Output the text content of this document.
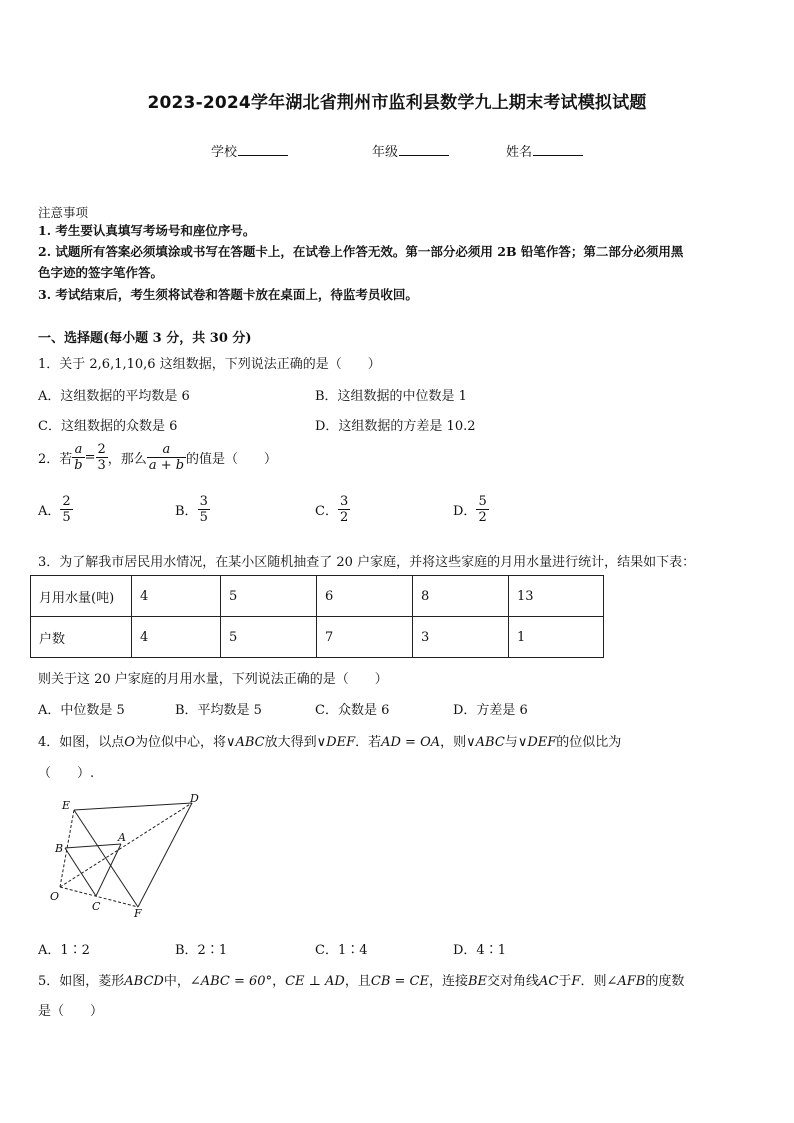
2023-2024学年湖北省荆州市监利县数学九上期末考试模拟试题
学校	年级	姓名
注意事项
1. 考生要认真填写考场号和座位序号。
2. 试题所有答案必须填涂或书写在答题卡上，在试卷上作答无效。第一部分必须用 2B 铅笔作答；第二部分必须用黑
色字迹的签字笔作答。
3. 考试结束后，考生须将试卷和答题卡放在桌面上，待监考员收回。
一、选择题(每小题 3 分，共 30 分)
1．关于 2,6,1,10,6 这组数据，下列说法正确的是（　　）
A．这组数据的平均数是 6	B．这组数据的中位数是 1
C．这组数据的众数是 6	D．这组数据的方差是 10.2
2．若 $\frac{a}{b} = \frac{2}{3}$ ，那么 $\frac{a}{a + b}$ 的值是（　　）
A． $\frac{2}{5}$	B． $\frac{3}{5}$	C． $\frac{3}{2}$	D． $\frac{5}{2}$
3．为了解我市居民用水情况，在某小区随机抽查了 20 户家庭，并将这些家庭的月用水量进行统计，结果如下表：
月用水量(吨)	4	5	6	8	13
户数	4	5	7	3	1
则关于这 20 户家庭的月用水量，下列说法正确的是（　　）
A．中位数是 5	B．平均数是 5	C．众数是 6	D．方差是 6
4．如图，以点O为位似中心，将∨ABC放大得到∨DEF．若AD = OA，则∨ABC与∨DEF的位似比为
（　　）.
E
D
B
A
O
C
F
A．1∶2	B．2∶1	C．1∶4	D．4∶1
5．如图，菱形ABCD中，∠ABC = 60°，CE ⊥ AD，且CB = CE，连接BE交对角线AC于F．则∠AFB的度数
是（　　）
